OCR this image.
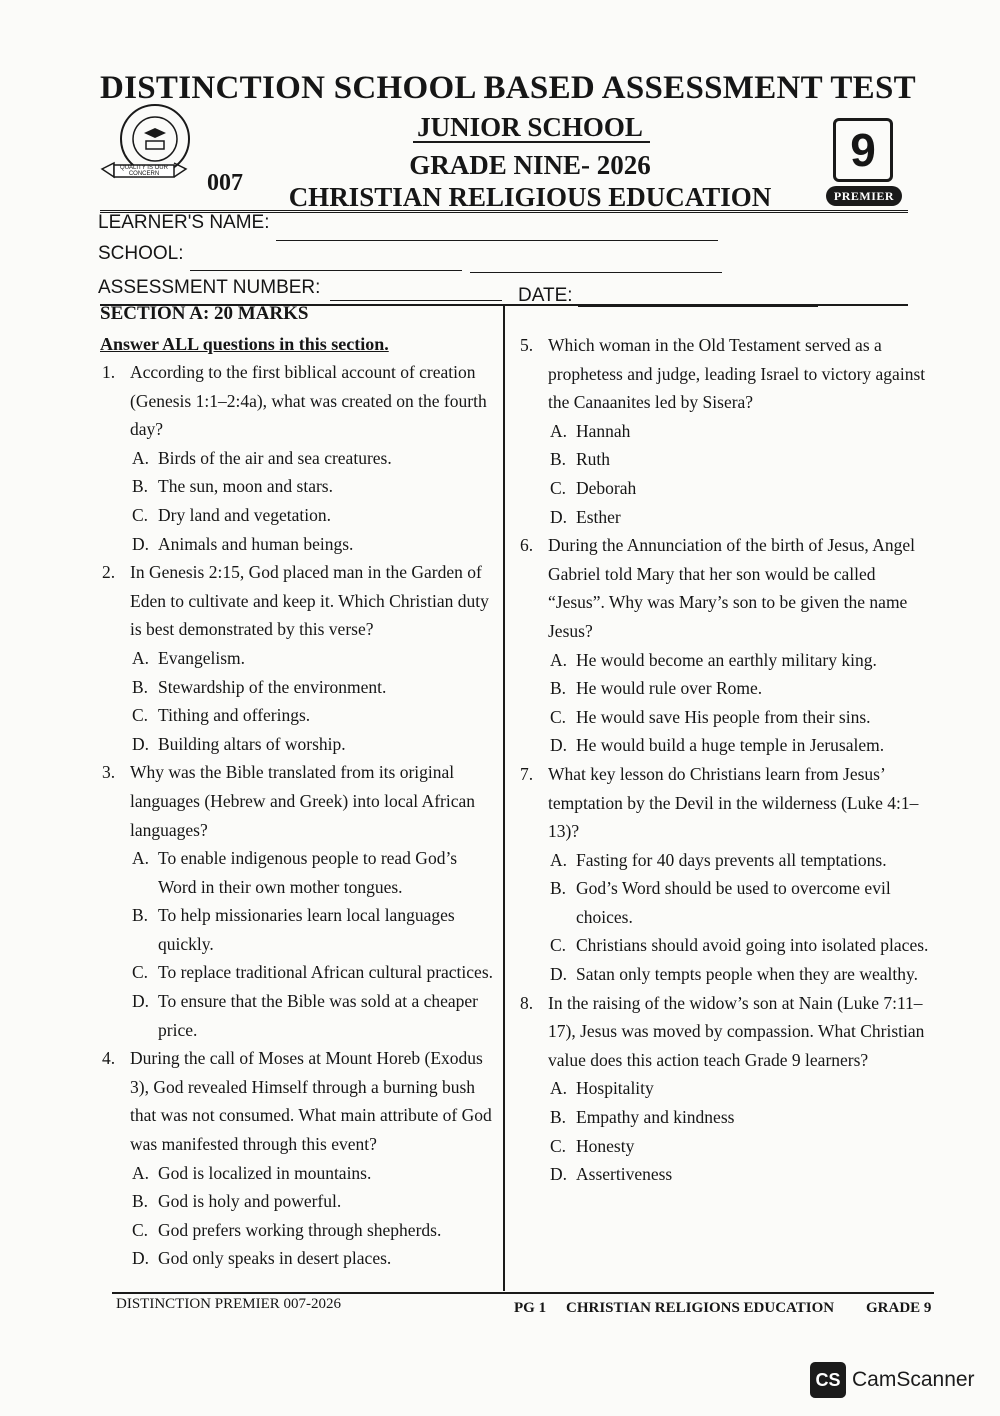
DISTINCTION SCHOOL BASED ASSESSMENT TEST
QUALITY IS OUR CONCERN	007
JUNIOR SCHOOL
GRADE NINE- 2026
CHRISTIAN RELIGIOUS EDUCATION
9
PREMIER
LEARNER'S NAME:
SCHOOL:
ASSESSMENT NUMBER:	DATE:
SECTION A: 20 MARKS
Answer ALL questions in this section.
1. According to the first biblical account of creation (Genesis 1:1–2:4a), what was created on the fourth day?
A. Birds of the air and sea creatures.
B. The sun, moon and stars.
C. Dry land and vegetation.
D. Animals and human beings.
2. In Genesis 2:15, God placed man in the Garden of Eden to cultivate and keep it. Which Christian duty is best demonstrated by this verse?
A. Evangelism.
B. Stewardship of the environment.
C. Tithing and offerings.
D. Building altars of worship.
3. Why was the Bible translated from its original languages (Hebrew and Greek) into local African languages?
A. To enable indigenous people to read God’s Word in their own mother tongues.
B. To help missionaries learn local languages quickly.
C. To replace traditional African cultural practices.
D. To ensure that the Bible was sold at a cheaper price.
4. During the call of Moses at Mount Horeb (Exodus 3), God revealed Himself through a burning bush that was not consumed. What main attribute of God was manifested through this event?
A. God is localized in mountains.
B. God is holy and powerful.
C. God prefers working through shepherds.
D. God only speaks in desert places.
5. Which woman in the Old Testament served as a prophetess and judge, leading Israel to victory against the Canaanites led by Sisera?
A. Hannah
B. Ruth
C. Deborah
D. Esther
6. During the Annunciation of the birth of Jesus, Angel Gabriel told Mary that her son would be called “Jesus”. Why was Mary’s son to be given the name Jesus?
A. He would become an earthly military king.
B. He would rule over Rome.
C. He would save His people from their sins.
D. He would build a huge temple in Jerusalem.
7. What key lesson do Christians learn from Jesus’ temptation by the Devil in the wilderness (Luke 4:1–13)?
A. Fasting for 40 days prevents all temptations.
B. God’s Word should be used to overcome evil choices.
C. Christians should avoid going into isolated places.
D. Satan only tempts people when they are wealthy.
8. In the raising of the widow’s son at Nain (Luke 7:11–17), Jesus was moved by compassion. What Christian value does this action teach Grade 9 learners?
A. Hospitality
B. Empathy and kindness
C. Honesty
D. Assertiveness
DISTINCTION PREMIER 007-2026	PG 1 CHRISTIAN RELIGIONS EDUCATION GRADE 9
CS CamScanner
